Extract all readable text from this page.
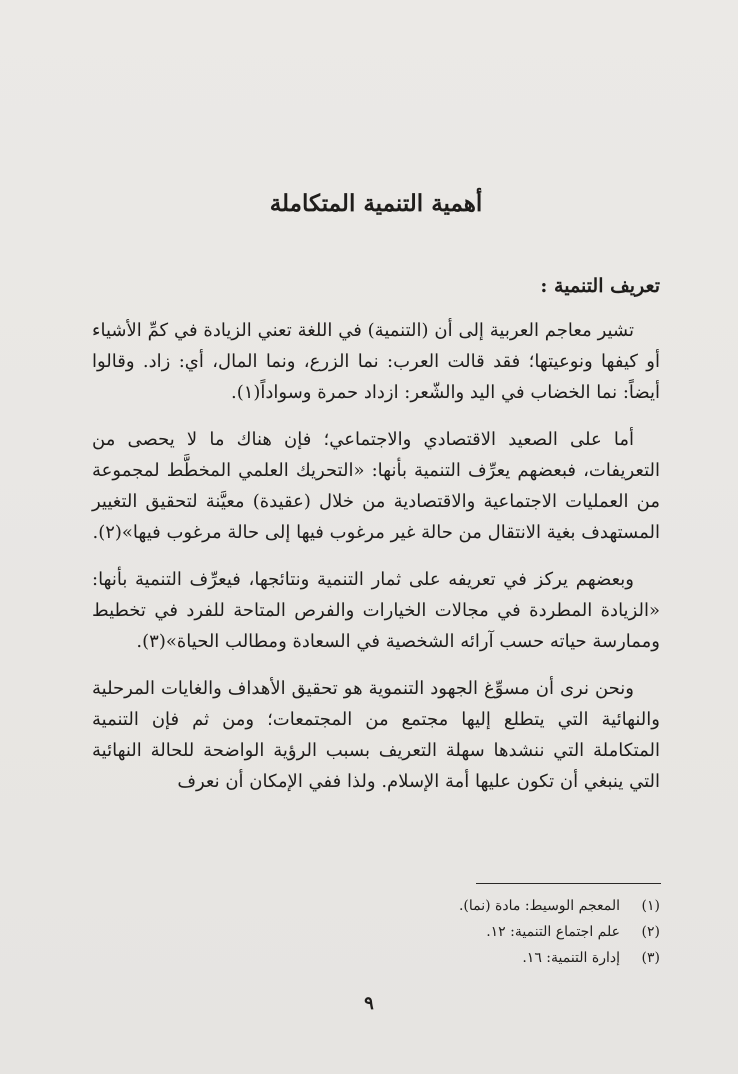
أهمية التنمية المتكاملة
تعريف التنمية :

تشير معاجم العربية إلى أن (التنمية) في اللغة تعني الزيادة في كمِّ الأشياء أو كيفها ونوعيتها؛ فقد قالت العرب: نما الزرع، ونما المال، أي: زاد. وقالوا أيضاً: نما الخضاب في اليد والشّعر: ازداد حمرة وسواداً(١).

أما على الصعيد الاقتصادي والاجتماعي؛ فإن هناك ما لا يحصى من التعريفات، فبعضهم يعرِّف التنمية بأنها: «التحريك العلمي المخطَّط لمجموعة من العمليات الاجتماعية والاقتصادية من خلال (عقيدة) معيَّنة لتحقيق التغيير المستهدف بغية الانتقال من حالة غير مرغوب فيها إلى حالة مرغوب فيها»(٢).

وبعضهم يركز في تعريفه على ثمار التنمية ونتائجها، فيعرِّف التنمية بأنها: «الزيادة المطردة في مجالات الخيارات والفرص المتاحة للفرد في تخطيط وممارسة حياته حسب آرائه الشخصية في السعادة ومطالب الحياة»(٣).

ونحن نرى أن مسوِّغ الجهود التنموية هو تحقيق الأهداف والغايات المرحلية والنهائية التي يتطلع إليها مجتمع من المجتمعات؛ ومن ثم فإن التنمية المتكاملة التي ننشدها سهلة التعريف بسبب الرؤية الواضحة للحالة النهائية التي ينبغي أن تكون عليها أمة الإسلام. ولذا ففي الإمكان أن نعرف

(١)
المعجم الوسيط: مادة (نما).
(٢)
علم اجتماع التنمية: ١٢.
(٣)
إدارة التنمية: ١٦.
٩
